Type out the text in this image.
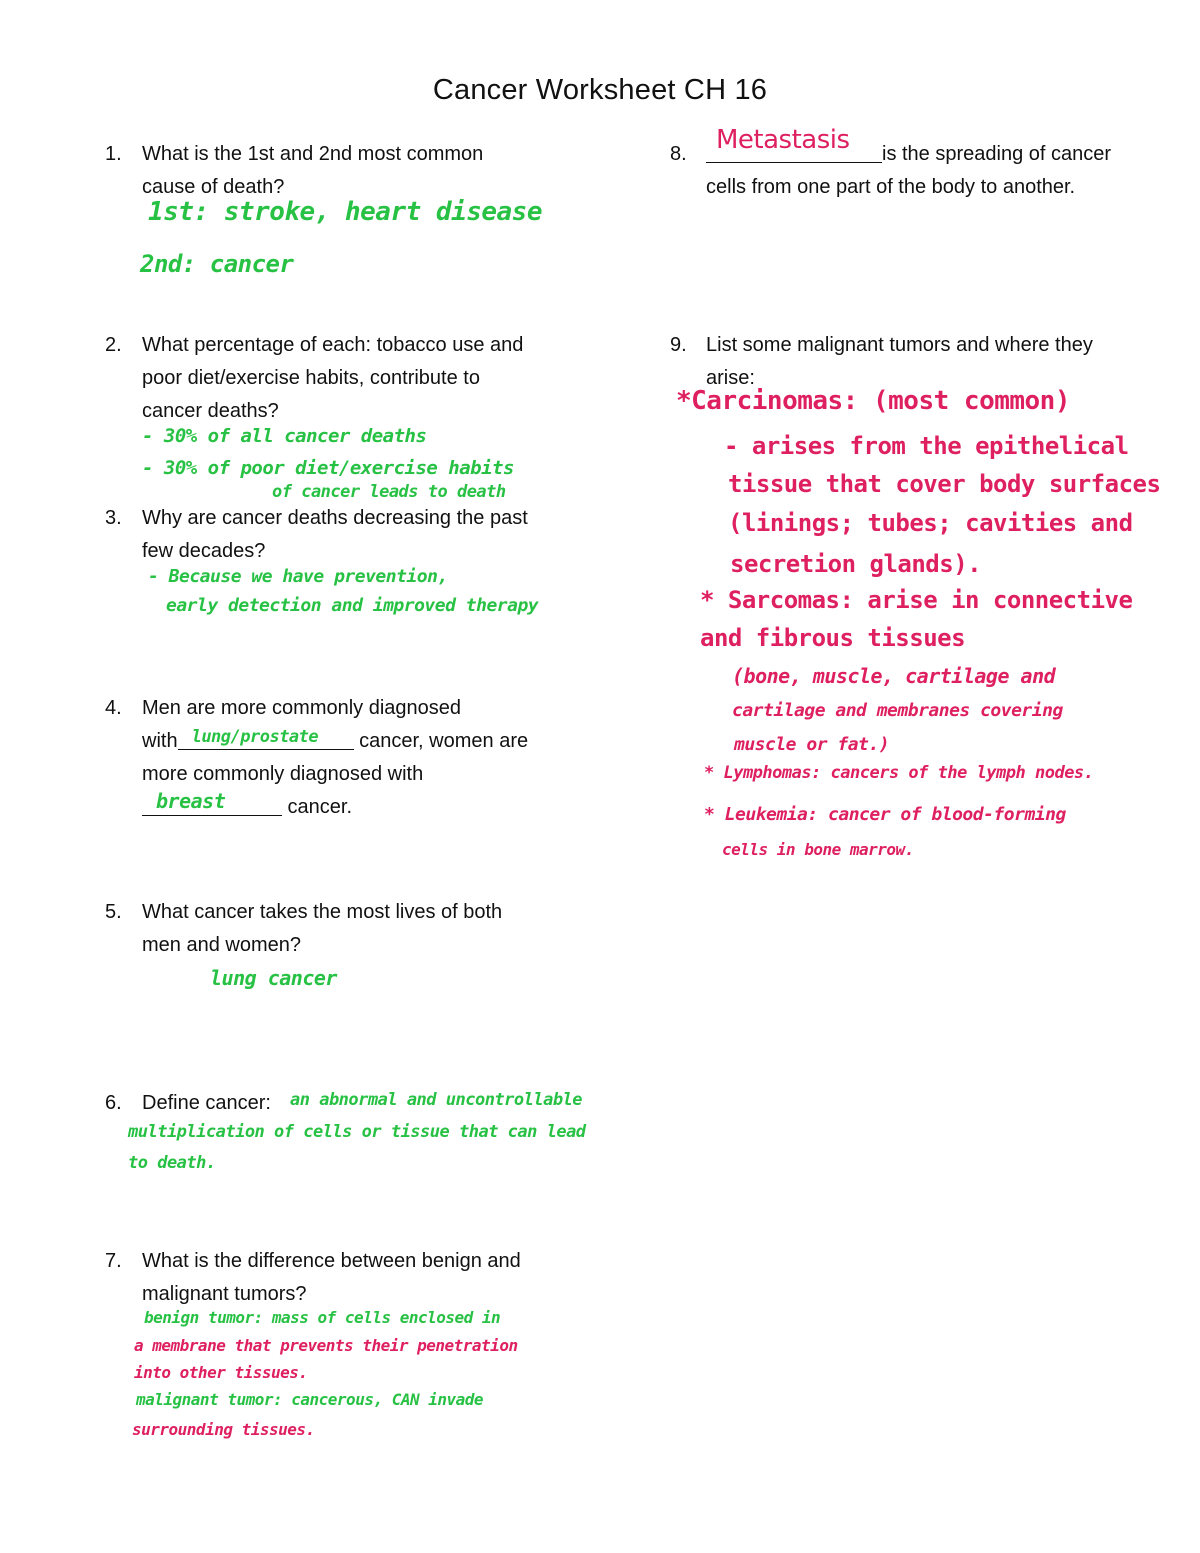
Cancer Worksheet CH 16
1.	What is the 1st and 2nd most common
cause of death?
1st: stroke, heart disease
2nd: cancer
2.	What percentage of each: tobacco use and
poor diet/exercise habits, contribute to
cancer deaths?
- 30% of all cancer deaths
- 30% of poor diet/exercise habits
of cancer leads to death
3.	Why are cancer deaths decreasing the past
few decades?
- Because we have prevention,
early detection and improved therapy
4.	Men are more commonly diagnosed
with lung/prostate cancer, women are
more commonly diagnosed with
breast	cancer.
5.	What cancer takes the most lives of both
men and women?
lung cancer
6.	Define cancer: an abnormal and uncontrollable
multiplication of cells or tissue that can lead
to death.
7.	What is the difference between benign and
malignant tumors?
benign tumor: mass of cells enclosed in
a membrane that prevents their penetration
into other tissues.
malignant tumor: cancerous, CAN invade
surrounding tissues.
8.	Metastasis is the spreading of cancer
cells from one part of the body to another.
9. List some malignant tumors and where they
arise:
*Carcinomas: (most common)
- arises from the epithelical
tissue that cover body surfaces
(linings; tubes; cavities and
secretion glands).
* Sarcomas: arise in connective
and fibrous tissues
(bone, muscle, cartilage and
cartilage and membranes covering
muscle or fat.)
* Lymphomas: cancers of the lymph nodes.
* Leukemia: cancer of blood-forming
cells in bone marrow.
